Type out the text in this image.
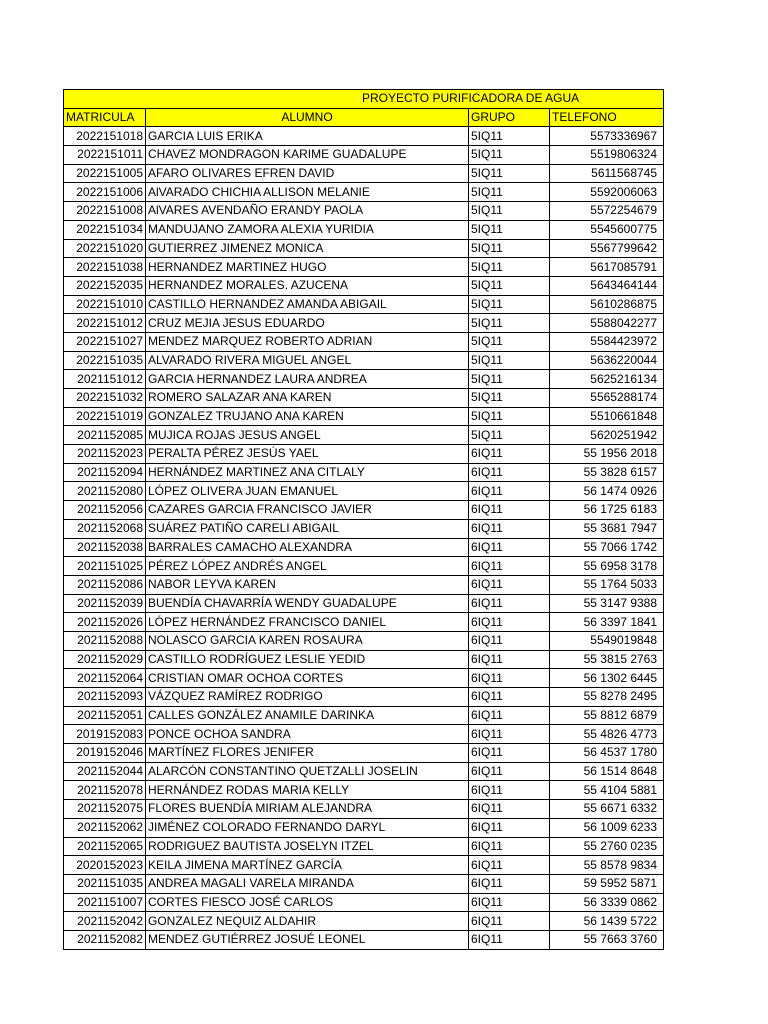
PROYECTO PURIFICADORA DE AGUA			
MATRICULA	ALUMNO	GRUPO	TELEFONO
2022151018	GARCIA LUIS ERIKA	5IQ11	5573336967
2022151011	CHAVEZ MONDRAGON KARIME GUADALUPE	5IQ11	5519806324
2022151005	AFARO OLIVARES EFREN DAVID	5IQ11	5611568745
2022151006	AlVARADO CHICHIA ALLISON MELANIE	5IQ11	5592006063
2022151008	AlVARES AVENDAÑO ERANDY PAOLA	5IQ11	5572254679
2022151034	MANDUJANO ZAMORA ALEXIA YURIDIA	5IQ11	5545600775
2022151020	GUTIERREZ JIMENEZ MONICA	5IQ11	5567799642
2022151038	HERNANDEZ MARTINEZ HUGO	5IQ11	5617085791
2022152035	HERNANDEZ MORALES. AZUCENA	5IQ11	5643464144
2022151010	CASTILLO HERNANDEZ AMANDA ABIGAIL	5IQ11	5610286875
2022151012	CRUZ MEJIA JESUS EDUARDO	5IQ11	5588042277
2022151027	MENDEZ MARQUEZ ROBERTO ADRIAN	5IQ11	5584423972
2022151035	ALVARADO RIVERA MIGUEL ANGEL	5IQ11	5636220044
2021151012	GARCIA HERNANDEZ LAURA ANDREA	5IQ11	5625216134
2022151032	ROMERO SALAZAR ANA KAREN	5IQ11	5565288174
2022151019	GONZALEZ TRUJANO ANA KAREN	5IQ11	5510661848
2021152085	MUJICA ROJAS JESUS ANGEL	5IQ11	5620251942
2021152023	PERALTA PÉREZ JESÚS YAEL	6IQ11	55 1956 2018
2021152094	HERNÁNDEZ MARTINEZ ANA CITLALY	6IQ11	55 3828 6157
2021152080	LÓPEZ OLIVERA JUAN EMANUEL	6IQ11	56 1474 0926
2021152056	CAZARES GARCIA FRANCISCO JAVIER	6IQ11	56 1725 6183
2021152068	SUÁREZ PATIÑO CARELI ABIGAIL	6IQ11	55 3681 7947
2021152038	BARRALES CAMACHO ALEXANDRA	6IQ11	55 7066 1742
2021151025	PÉREZ LÓPEZ ANDRÉS ANGEL	6IQ11	55 6958 3178
2021152086	NABOR LEYVA KAREN	6IQ11	55 1764 5033
2021152039	BUENDÍA CHAVARRÍA WENDY GUADALUPE	6IQ11	55 3147 9388
2021152026	LÓPEZ HERNÁNDEZ FRANCISCO DANIEL	6IQ11	56 3397 1841
2021152088	NOLASCO GARCIA KAREN ROSAURA	6IQ11	5549019848
2021152029	CASTILLO RODRÍGUEZ LESLIE YEDID	6IQ11	55 3815 2763
2021152064	CRISTIAN OMAR OCHOA CORTES	6IQ11	56 1302 6445
2021152093	VÁZQUEZ RAMÍREZ RODRIGO	6IQ11	55 8278 2495
2021152051	CALLES GONZÁLEZ ANAMILE DARINKA	6IQ11	55 8812 6879
2019152083	PONCE OCHOA SANDRA	6IQ11	55 4826 4773
2019152046	MARTÍNEZ FLORES JENIFER	6IQ11	56 4537 1780
2021152044	ALARCÓN CONSTANTINO QUETZALLI JOSELIN	6IQ11	56 1514 8648
2021152078	HERNÁNDEZ RODAS MARIA KELLY	6IQ11	55 4104 5881
2021152075	FLORES BUENDÍA MIRIAM ALEJANDRA	6IQ11	55 6671 6332
2021152062	JIMÉNEZ COLORADO FERNANDO DARYL	6IQ11	56 1009 6233
2021152065	RODRIGUEZ BAUTISTA JOSELYN ITZEL	6IQ11	55 2760 0235
2020152023	KEILA JIMENA MARTÍNEZ GARCÍA	6IQ11	55 8578 9834
2021151035	ANDREA MAGALI VARELA MIRANDA	6IQ11	59 5952 5871
2021151007	CORTES FIESCO JOSÉ CARLOS	6IQ11	56 3339 0862
2021152042	GONZALEZ NEQUIZ ALDAHIR	6IQ11	56 1439 5722
2021152082	MENDEZ GUTIÉRREZ JOSUÉ LEONEL	6IQ11	55 7663 3760
